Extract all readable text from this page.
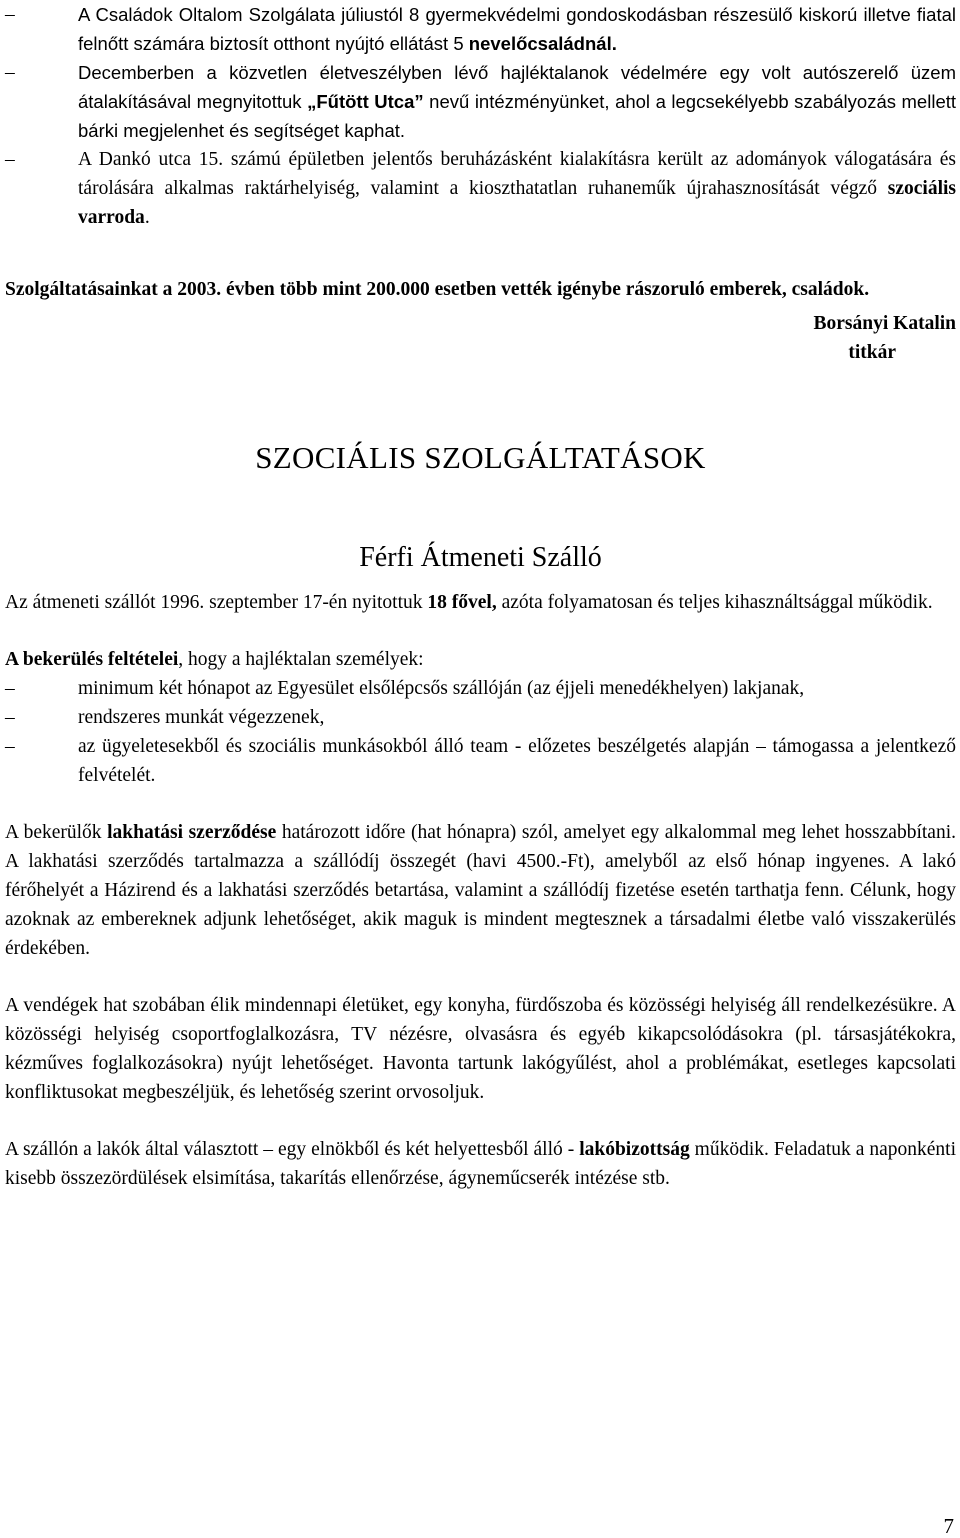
–	A Családok Oltalom Szolgálata júliustól 8 gyermekvédelmi gondoskodásban részesülő kiskorú illetve fiatal felnőtt számára biztosít otthont nyújtó ellátást 5 nevelőcsaládnál.
–	Decemberben a közvetlen életveszélyben lévő hajléktalanok védelmére egy volt autószerelő üzem átalakításával megnyitottuk „Fűtött Utca” nevű intézményünket, ahol a legcsekélyebb szabályozás mellett bárki megjelenhet és segítséget kaphat.
–	A Dankó utca 15. számú épületben jelentős beruházásként kialakításra került az adományok válogatására és tárolására alkalmas raktárhelyiség, valamint a kioszthatatlan ruhaneműk újrahasznosítását végző szociális varroda.

Szolgáltatásainkat a 2003. évben több mint 200.000 esetben vették igénybe rászoruló emberek, családok.

Borsányi Katalin

titkár
SZOCIÁLIS SZOLGÁLTATÁSOK
Férfi Átmeneti Szálló

Az átmeneti szállót 1996. szeptember 17-én nyitottuk 18 fővel, azóta folyamatosan és teljes kihasználtsággal működik.

A bekerülés feltételei, hogy a hajléktalan személyek:

–	minimum két hónapot az Egyesület elsőlépcsős szállóján (az éjjeli menedékhelyen) lakjanak,
–	rendszeres munkát végezzenek,
–	az ügyeletesekből és szociális munkásokból álló team - előzetes beszélgetés alapján – támogassa a jelentkező felvételét.

A bekerülők lakhatási szerződése határozott időre (hat hónapra) szól, amelyet egy alkalommal meg lehet hosszabbítani. A lakhatási szerződés tartalmazza a szállódíj összegét (havi 4500.-Ft), amelyből az első hónap ingyenes. A lakó férőhelyét a Házirend és a lakhatási szerződés betartása, valamint a szállódíj fizetése esetén tarthatja fenn. Célunk, hogy azoknak az embereknek adjunk lehetőséget, akik maguk is mindent megtesznek a társadalmi életbe való visszakerülés érdekében.

A vendégek hat szobában élik mindennapi életüket, egy konyha, fürdőszoba és közösségi helyiség áll rendelkezésükre. A közösségi helyiség csoportfoglalkozásra, TV nézésre, olvasásra és egyéb kikapcsolódásokra (pl. társasjátékokra, kézműves foglalkozásokra) nyújt lehetőséget. Havonta tartunk lakógyűlést, ahol a problémákat, esetleges kapcsolati konfliktusokat megbeszéljük, és lehetőség szerint orvosoljuk.

A szállón a lakók által választott – egy elnökből és két helyettesből álló - lakóbizottság működik. Feladatuk a naponkénti kisebb összezördülések elsimítása, takarítás ellenőrzése, ágyneműcserék intézése stb.

7
